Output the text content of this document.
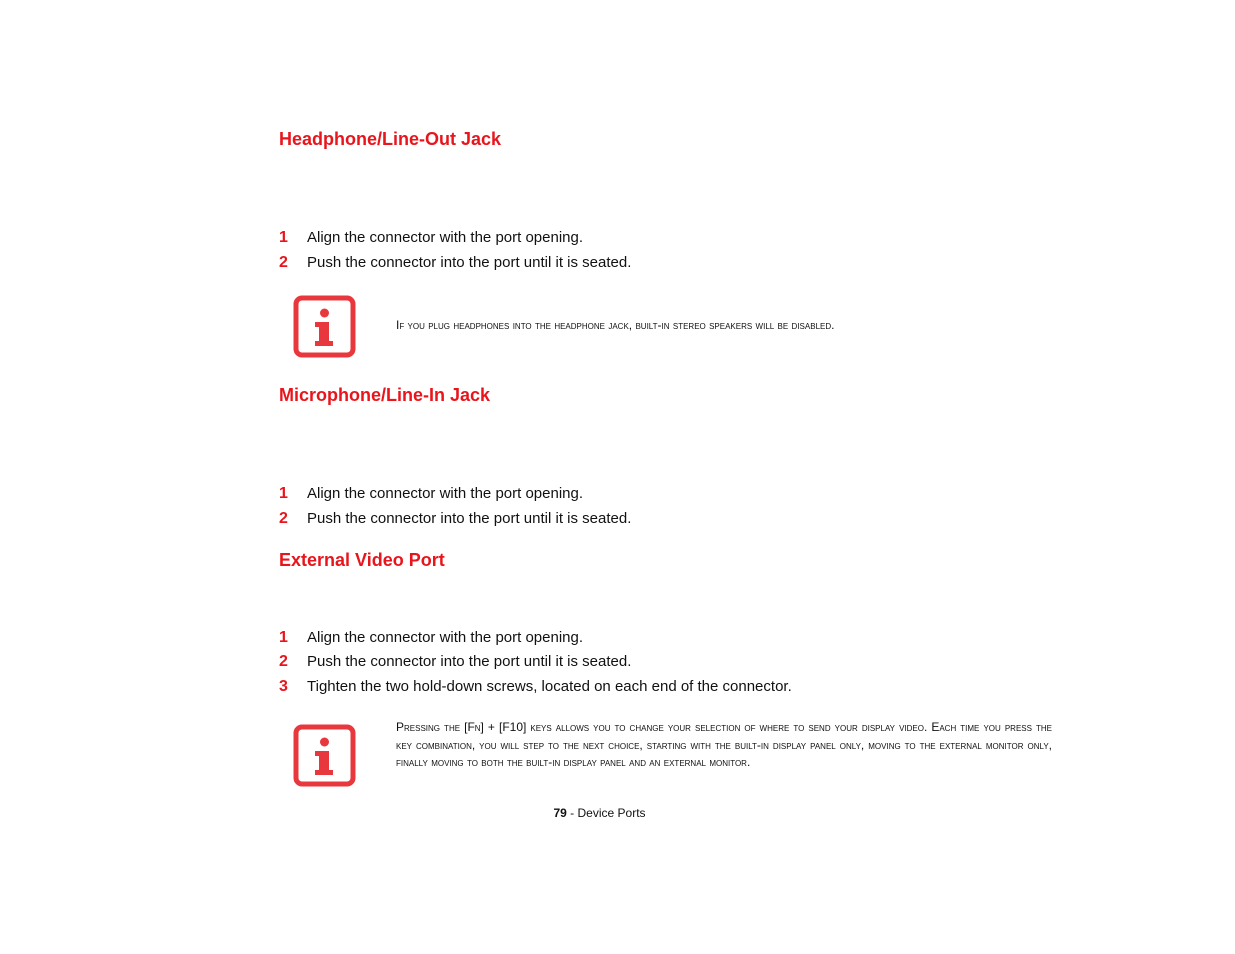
Headphone/Line-Out Jack
1 Align the connector with the port opening.
2 Push the connector into the port until it is seated.

If you plug headphones into the headphone jack, built-in stereo speakers will be disabled.

Microphone/Line-In Jack
1 Align the connector with the port opening.
2 Push the connector into the port until it is seated.
External Video Port
1 Align the connector with the port opening.
2 Push the connector into the port until it is seated.
3 Tighten the two hold-down screws, located on each end of the connector.

Pressing the [Fn] + [F10] keys allows you to change your selection of where to send your display video. Each time you press the key combination, you will step to the next choice, starting with the built-in display panel only, moving to the external monitor only, finally moving to both the built-in display panel and an external monitor.

79 - Device Ports
